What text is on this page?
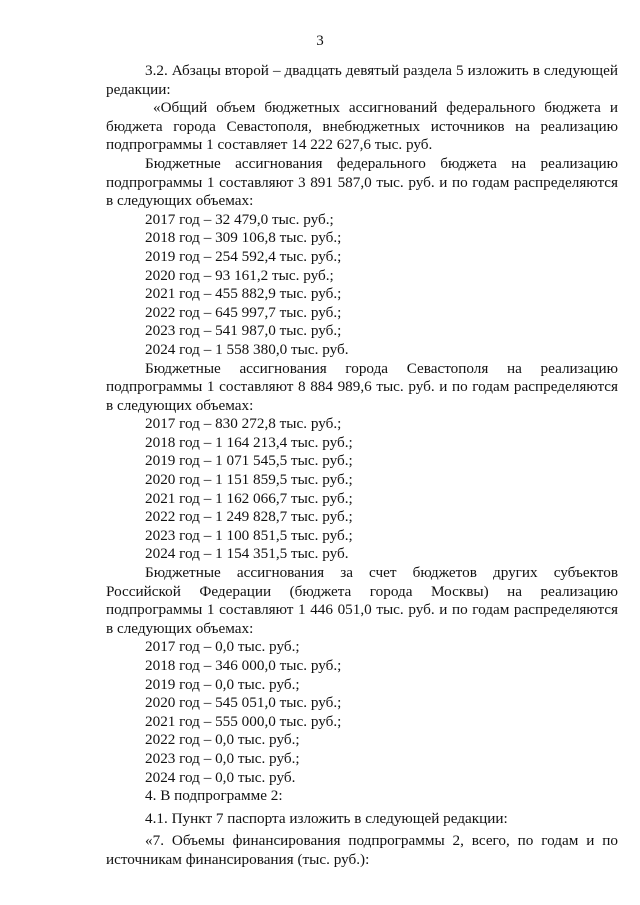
3

3.2. Абзацы второй – двадцать девятый раздела 5 изложить в следующей редакции:

«Общий объем бюджетных ассигнований федерального бюджета и бюджета города Севастополя, внебюджетных источников на реализацию подпрограммы 1 составляет 14 222 627,6 тыс. руб.

Бюджетные ассигнования федерального бюджета на реализацию подпрограммы 1 составляют 3 891 587,0 тыс. руб. и по годам распределяются в следующих объемах:

2017 год – 32 479,0 тыс. руб.;

2018 год – 309 106,8 тыс. руб.;

2019 год – 254 592,4 тыс. руб.;

2020 год – 93 161,2 тыс. руб.;

2021 год – 455 882,9 тыс. руб.;

2022 год – 645 997,7 тыс. руб.;

2023 год – 541 987,0 тыс. руб.;

2024 год – 1 558 380,0 тыс. руб.

Бюджетные ассигнования города Севастополя на реализацию подпрограммы 1 составляют 8 884 989,6 тыс. руб. и по годам распределяются в следующих объемах:

2017 год – 830 272,8 тыс. руб.;

2018 год – 1 164 213,4 тыс. руб.;

2019 год – 1 071 545,5 тыс. руб.;

2020 год – 1 151 859,5 тыс. руб.;

2021 год – 1 162 066,7 тыс. руб.;

2022 год – 1 249 828,7 тыс. руб.;

2023 год – 1 100 851,5 тыс. руб.;

2024 год – 1 154 351,5 тыс. руб.

Бюджетные ассигнования за счет бюджетов других субъектов Российской Федерации (бюджета города Москвы) на реализацию подпрограммы 1 составляют 1 446 051,0 тыс. руб. и по годам распределяются в следующих объемах:

2017 год – 0,0 тыс. руб.;

2018 год – 346 000,0 тыс. руб.;

2019 год – 0,0 тыс. руб.;

2020 год – 545 051,0 тыс. руб.;

2021 год – 555 000,0 тыс. руб.;

2022 год – 0,0 тыс. руб.;

2023 год – 0,0 тыс. руб.;

2024 год – 0,0 тыс. руб.

4. В подпрограмме 2:

4.1. Пункт 7 паспорта изложить в следующей редакции:

«7. Объемы финансирования подпрограммы 2, всего, по годам и по источникам финансирования (тыс. руб.):
